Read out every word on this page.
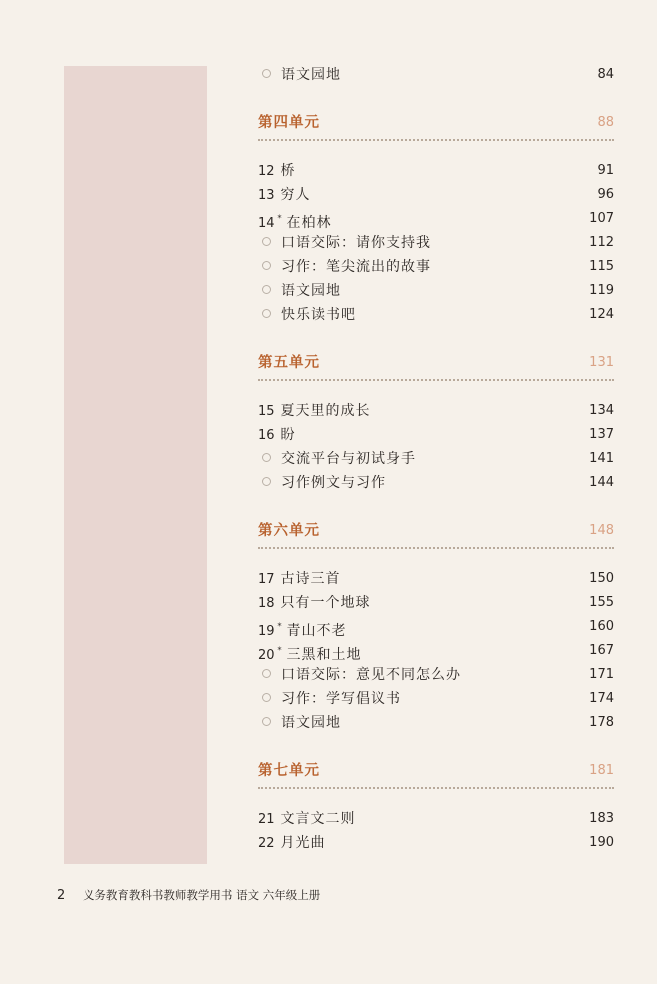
语文园地	84
第四单元	88
12 桥	91
13 穷人	96
14 * 在柏林	107
口语交际：请你支持我	112
习作：笔尖流出的故事	115
语文园地	119
快乐读书吧	124
第五单元	131
15 夏天里的成长	134
16 盼	137
交流平台与初试身手	141
习作例文与习作	144
第六单元	148
17 古诗三首	150
18 只有一个地球	155
19 * 青山不老	160
20 * 三黑和土地	167
口语交际：意见不同怎么办	171
习作：学写倡议书	174
语文园地	178
第七单元	181
21 文言文二则	183
22 月光曲	190
2 义务教育教科书教师教学用书 语文 六年级上册
